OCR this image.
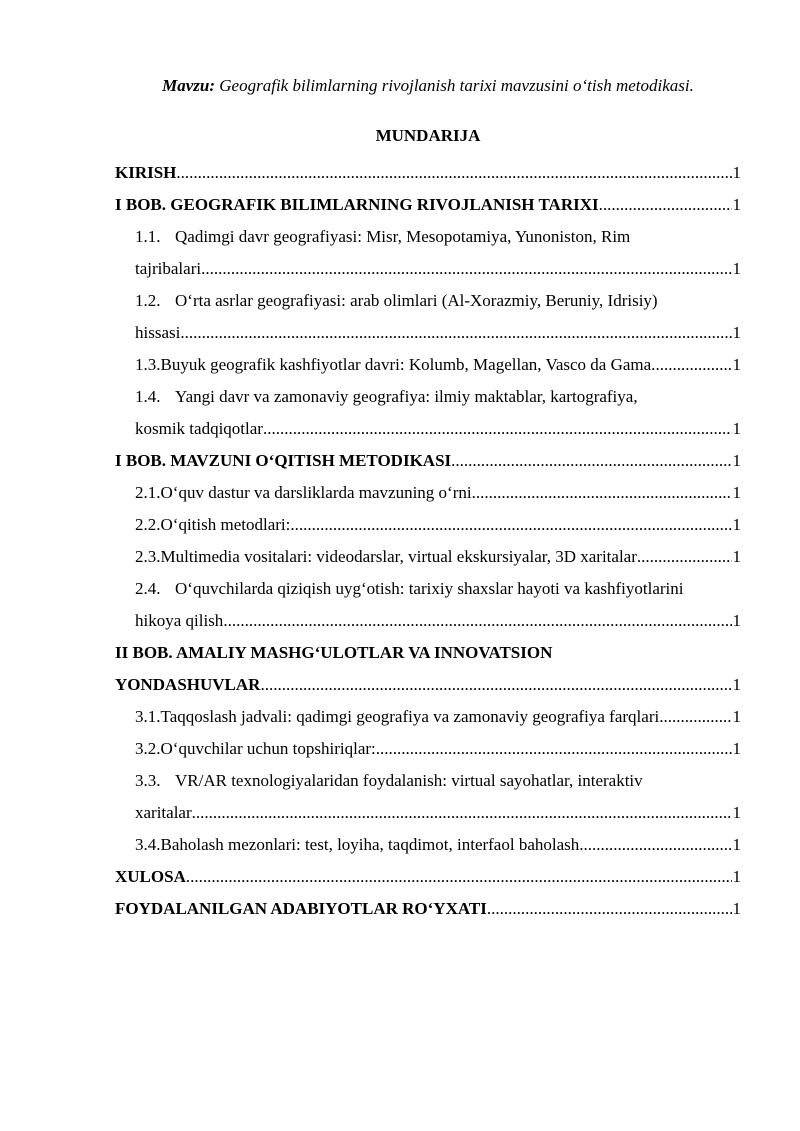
Mavzu: Geografik bilimlarning rivojlanish tarixi mavzusini o‘tish metodikasi.
MUNDARIJA
KIRISH .....	1
I BOB. GEOGRAFIK BILIMLARNING RIVOJLANISH TARIXI .....	1
1.1. Qadimgi davr geografiyasi: Misr, Mesopotamiya, Yunoniston, Rim
tajribalari .....	1
1.2. O‘rta asrlar geografiyasi: arab olimlari (Al-Xorazmiy, Beruniy, Idrisiy)
hissasi .....	1
1.3. Buyuk geografik kashfiyotlar davri: Kolumb, Magellan, Vasco da Gama. .....	1
1.4. Yangi davr va zamonaviy geografiya: ilmiy maktablar, kartografiya,
kosmik tadqiqotlar .....	1
I BOB. MAVZUNI O‘QITISH METODIKASI .....	1
2.1. O‘quv dastur va darsliklarda mavzuning o‘rni .....	1
2.2. O‘qitish metodlari: .....	1
2.3. Multimedia vositalari: videodarslar, virtual ekskursiyalar, 3D xaritalar .....	1
2.4. O‘quvchilarda qiziqish uyg‘otish: tarixiy shaxslar hayoti va kashfiyotlarini
hikoya qilish .....	1
II BOB. AMALIY MASHG‘ULOTLAR VA INNOVATSION
YONDASHUVLAR .....	1
3.1. Taqqoslash jadvali: qadimgi geografiya va zamonaviy geografiya farqlari. .....	1
3.2. O‘quvchilar uchun topshiriqlar: .....	1
3.3. VR/AR texnologiyalaridan foydalanish: virtual sayohatlar, interaktiv
xaritalar .....	1
3.4. Baholash mezonlari: test, loyiha, taqdimot, interfaol baholash .....	1
XULOSA .....	1
FOYDALANILGAN ADABIYOTLAR RO‘YXATI .....	1
